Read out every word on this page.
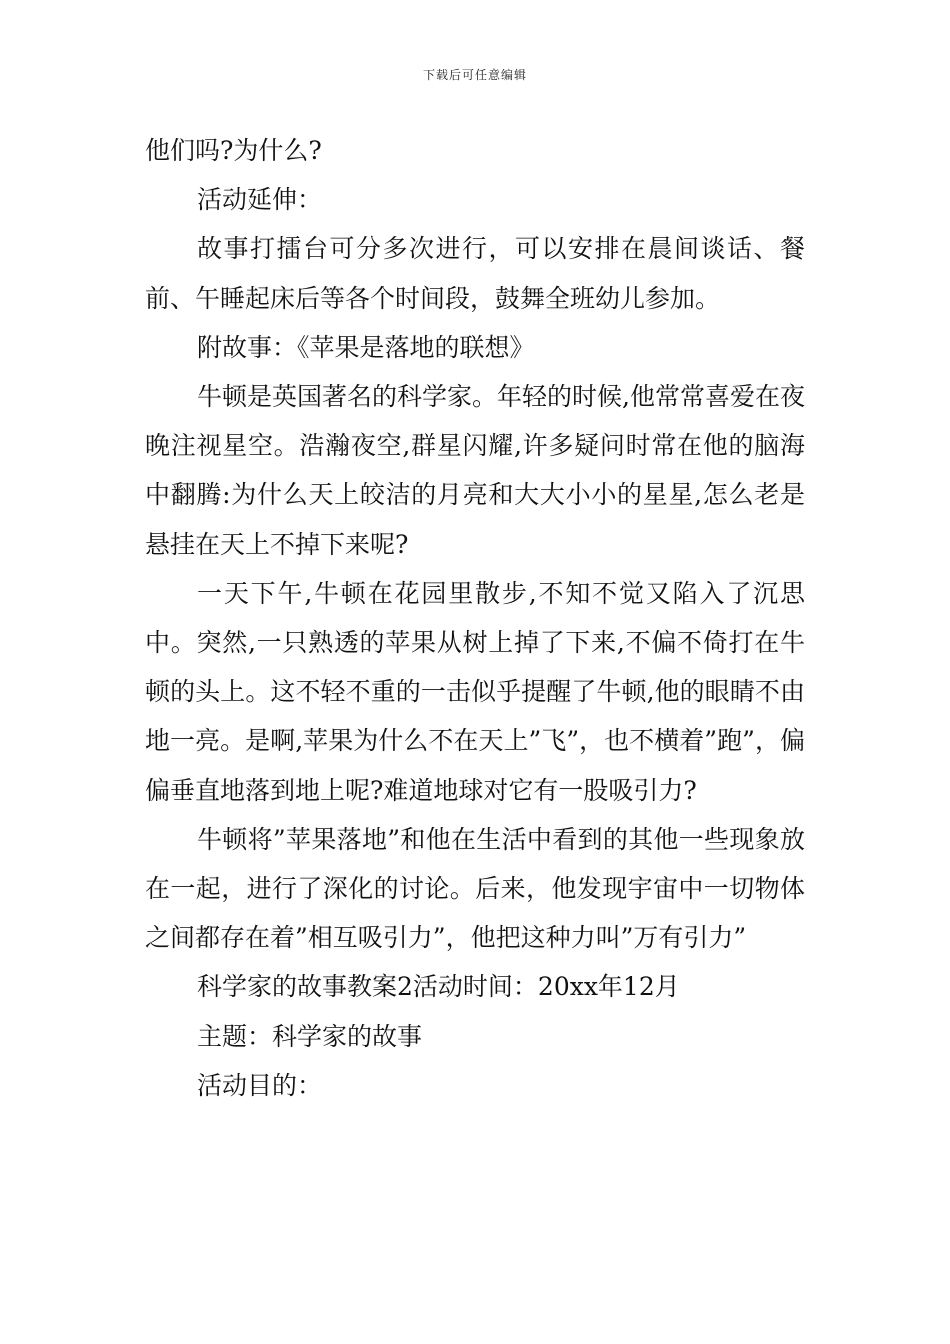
下载后可任意编辑

他们吗?为什么?

活动延伸：

故事打擂台可分多次进行，可以安排在晨间谈话、餐前、午睡起床后等各个时间段，鼓舞全班幼儿参加。

附故事：《苹果是落地的联想》

牛顿是英国著名的科学家。年轻的时候,他常常喜爱在夜晚注视星空。浩瀚夜空,群星闪耀,许多疑问时常在他的脑海中翻腾:为什么天上皎洁的月亮和大大小小的星星,怎么老是悬挂在天上不掉下来呢?

一天下午,牛顿在花园里散步,不知不觉又陷入了沉思中。突然,一只熟透的苹果从树上掉了下来,不偏不倚打在牛顿的头上。这不轻不重的一击似乎提醒了牛顿,他的眼睛不由地一亮。是啊,苹果为什么不在天上”飞”，也不横着”跑”，偏偏垂直地落到地上呢?难道地球对它有一股吸引力?

牛顿将”苹果落地”和他在生活中看到的其他一些现象放在一起，进行了深化的讨论。后来，他发现宇宙中一切物体之间都存在着”相互吸引力”，他把这种力叫”万有引力”

科学家的故事教案2活动时间：20xx年12月

主题：科学家的故事

活动目的：
